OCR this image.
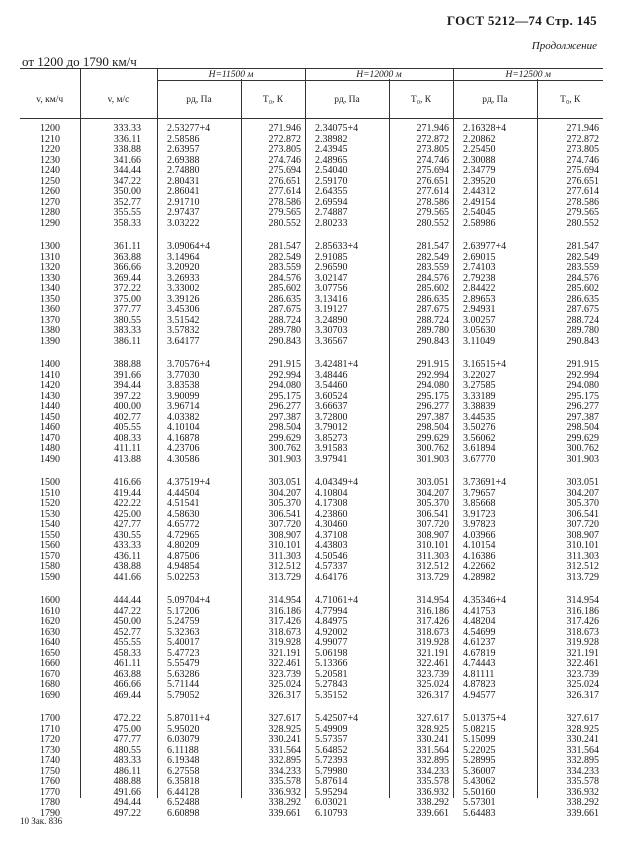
ГОСТ 5212—74 Стр. 145
Продолжение
от 1200 до 1790 км/ч
		H=11500 м		H=12000 м		H=12500 м	
v, км/ч	v, м/с	pд, Па	T₀, К	pд, Па	T₀, К	pд, Па	T₀, К
1200	333.33	2.53277+4	271.946	2.34075+4	271.946	2.16328+4	271.946
1210	336.11	2.58586	272.872	2.38982	272.872	2.20862	272.872
1220	338.88	2.63957	273.805	2.43945	273.805	2.25450	273.805
1230	341.66	2.69388	274.746	2.48965	274.746	2.30088	274.746
1240	344.44	2.74880	275.694	2.54040	275.694	2.34779	275.694
1250	347.22	2.80431	276.651	2.59170	276.651	2.39520	276.651
1260	350.00	2.86041	277.614	2.64355	277.614	2.44312	277.614
1270	352.77	2.91710	278.586	2.69594	278.586	2.49154	278.586
1280	355.55	2.97437	279.565	2.74887	279.565	2.54045	279.565
1290	358.33	3.03222	280.552	2.80233	280.552	2.58986	280.552
1300	361.11	3.09064+4	281.547	2.85633+4	281.547	2.63977+4	281.547
1310	363.88	3.14964	282.549	2.91085	282.549	2.69015	282.549
1320	366.66	3.20920	283.559	2.96590	283.559	2.74103	283.559
1330	369.44	3.26933	284.576	3.02147	284.576	2.79238	284.576
1340	372.22	3.33002	285.602	3.07756	285.602	2.84422	285.602
1350	375.00	3.39126	286.635	3.13416	286.635	2.89653	286.635
1360	377.77	3.45306	287.675	3.19127	287.675	2.94931	287.675
1370	380.55	3.51542	288.724	3.24890	288.724	3.00257	288.724
1380	383.33	3.57832	289.780	3.30703	289.780	3.05630	289.780
1390	386.11	3.64177	290.843	3.36567	290.843	3.11049	290.843
1400	388.88	3.70576+4	291.915	3.42481+4	291.915	3.16515+4	291.915
1410	391.66	3.77030	292.994	3.48446	292.994	3.22027	292.994
1420	394.44	3.83538	294.080	3.54460	294.080	3.27585	294.080
1430	397.22	3.90099	295.175	3.60524	295.175	3.33189	295.175
1440	400.00	3.96714	296.277	3.66637	296.277	3.38839	296.277
1450	402.77	4.03382	297.387	3.72800	297.387	3.44535	297.387
1460	405.55	4.10104	298.504	3.79012	298.504	3.50276	298.504
1470	408.33	4.16878	299.629	3.85273	299.629	3.56062	299.629
1480	411.11	4.23706	300.762	3.91583	300.762	3.61894	300.762
1490	413.88	4.30586	301.903	3.97941	301.903	3.67770	301.903
1500	416.66	4.37519+4	303.051	4.04349+4	303.051	3.73691+4	303.051
1510	419.44	4.44504	304.207	4.10804	304.207	3.79657	304.207
1520	422.22	4.51541	305.370	4.17308	305.370	3.85668	305.370
1530	425.00	4.58630	306.541	4.23860	306.541	3.91723	306.541
1540	427.77	4.65772	307.720	4.30460	307.720	3.97823	307.720
1550	430.55	4.72965	308.907	4.37108	308.907	4.03966	308.907
1560	433.33	4.80209	310.101	4.43803	310.101	4.10154	310.101
1570	436.11	4.87506	311.303	4.50546	311.303	4.16386	311.303
1580	438.88	4.94854	312.512	4.57337	312.512	4.22662	312.512
1590	441.66	5.02253	313.729	4.64176	313.729	4.28982	313.729
1600	444.44	5.09704+4	314.954	4.71061+4	314.954	4.35346+4	314.954
1610	447.22	5.17206	316.186	4.77994	316.186	4.41753	316.186
1620	450.00	5.24759	317.426	4.84975	317.426	4.48204	317.426
1630	452.77	5.32363	318.673	4.92002	318.673	4.54699	318.673
1640	455.55	5.40017	319.928	4.99077	319.928	4.61237	319.928
1650	458.33	5.47723	321.191	5.06198	321.191	4.67819	321.191
1660	461.11	5.55479	322.461	5.13366	322.461	4.74443	322.461
1670	463.88	5.63286	323.739	5.20581	323.739	4.81111	323.739
1680	466.66	5.71144	325.024	5.27843	325.024	4.87823	325.024
1690	469.44	5.79052	326.317	5.35152	326.317	4.94577	326.317
1700	472.22	5.87011+4	327.617	5.42507+4	327.617	5.01375+4	327.617
1710	475.00	5.95020	328.925	5.49909	328.925	5.08215	328.925
1720	477.77	6.03079	330.241	5.57357	330.241	5.15099	330.241
1730	480.55	6.11188	331.564	5.64852	331.564	5.22025	331.564
1740	483.33	6.19348	332.895	5.72393	332.895	5.28995	332.895
1750	486.11	6.27558	334.233	5.79980	334.233	5.36007	334.233
1760	488.88	6.35818	335.578	5.87614	335.578	5.43062	335.578
1770	491.66	6.44128	336.932	5.95294	336.932	5.50160	336.932
1780	494.44	6.52488	338.292	6.03021	338.292	5.57301	338.292
1790	497.22	6.60898	339.661	6.10793	339.661	5.64483	339.661
10 Зак. 836
